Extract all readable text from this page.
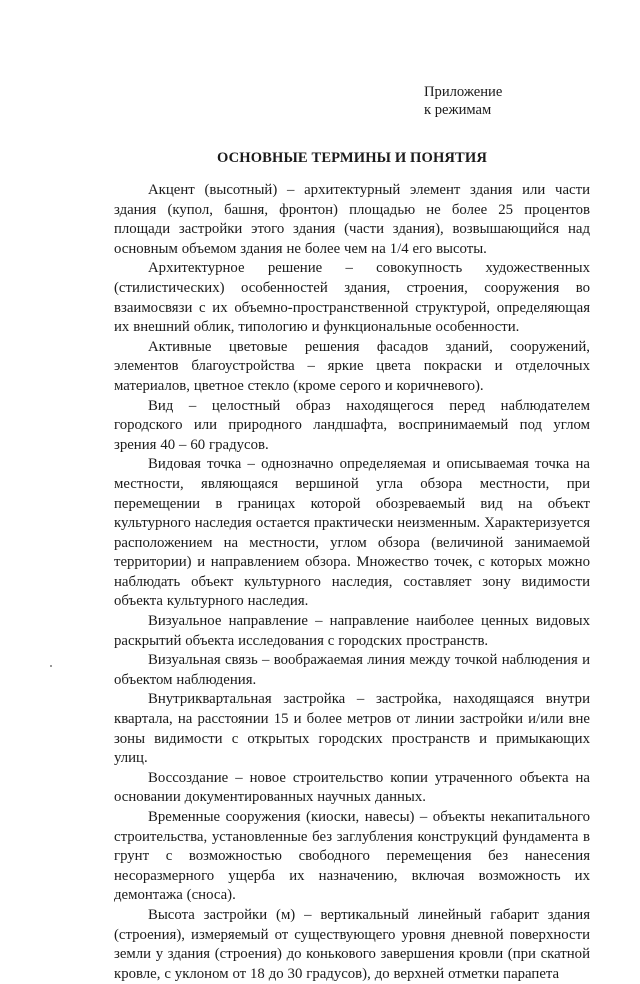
Приложение
к режимам
ОСНОВНЫЕ ТЕРМИНЫ И ПОНЯТИЯ

Акцент (высотный) – архитектурный элемент здания или части здания (купол, башня, фронтон) площадью не более 25 процентов площади застройки этого здания (части здания), возвышающийся над основным объемом здания не более чем на 1/4 его высоты.

Архитектурное решение – совокупность художественных (стилистических) особенностей здания, строения, сооружения во взаимосвязи с их объемно-пространственной структурой, определяющая их внешний облик, типологию и функциональные особенности.

Активные цветовые решения фасадов зданий, сооружений, элементов благоустройства – яркие цвета покраски и отделочных материалов, цветное стекло (кроме серого и коричневого).

Вид – целостный образ находящегося перед наблюдателем городского или природного ландшафта, воспринимаемый под углом зрения 40 – 60 градусов.

Видовая точка – однозначно определяемая и описываемая точка на местности, являющаяся вершиной угла обзора местности, при перемещении в границах которой обозреваемый вид на объект культурного наследия остается практически неизменным. Характеризуется расположением на местности, углом обзора (величиной занимаемой территории) и направлением обзора. Множество точек, с которых можно наблюдать объект культурного наследия, составляет зону видимости объекта культурного наследия.

Визуальное направление – направление наиболее ценных видовых раскрытий объекта исследования с городских пространств.

Визуальная связь – воображаемая линия между точкой наблюдения и объектом наблюдения.

Внутриквартальная застройка – застройка, находящаяся внутри квартала, на расстоянии 15 и более метров от линии застройки и/или вне зоны видимости с открытых городских пространств и примыкающих улиц.

Воссоздание – новое строительство копии утраченного объекта на основании документированных научных данных.

Временные сооружения (киоски, навесы) – объекты некапитального строительства, установленные без заглубления конструкций фундамента в грунт с возможностью свободного перемещения без нанесения несоразмерного ущерба их назначению, включая возможность их демонтажа (сноса).

Высота застройки (м) – вертикальный линейный габарит здания (строения), измеряемый от существующего уровня дневной поверхности земли у здания (строения) до конькового завершения кровли (при скатной кровле, с уклоном от 18 до 30 градусов), до верхней отметки парапета
